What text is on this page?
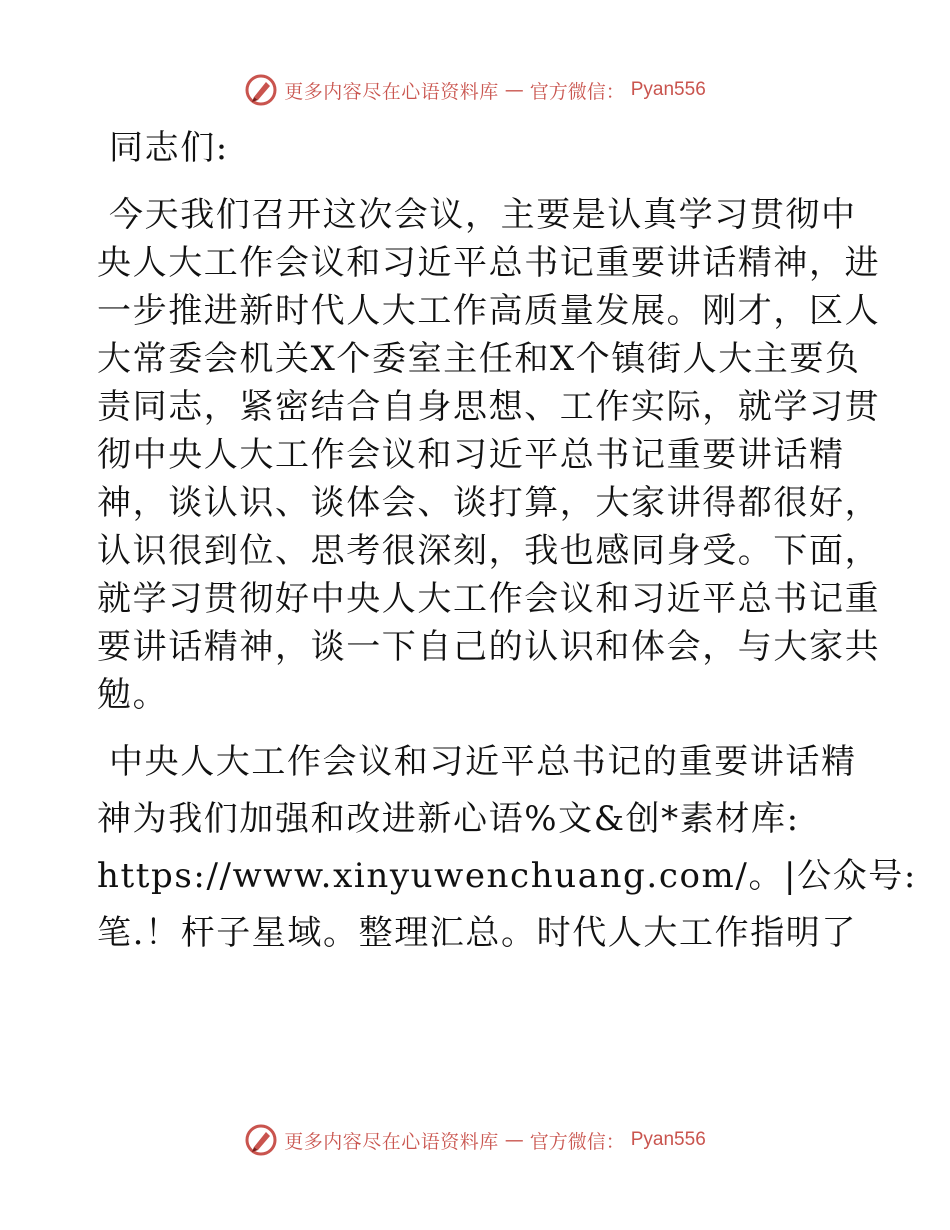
更多内容尽在心语资料库 — 官方微信： Pyan556
同志们:
今天我们召开这次会议，主要是认真学习贯彻中
央人大工作会议和习近平总书记重要讲话精神，进
一步推进新时代人大工作高质量发展。刚才，区人
大常委会机关X个委室主任和X个镇街人大主要负
责同志，紧密结合自身思想、工作实际，就学习贯
彻中央人大工作会议和习近平总书记重要讲话精
神，谈认识、谈体会、谈打算，大家讲得都很好，
认识很到位、思考很深刻，我也感同身受。下面，
就学习贯彻好中央人大工作会议和习近平总书记重
要讲话精神，谈一下自己的认识和体会，与大家共
勉。
中央人大工作会议和习近平总书记的重要讲话精
神为我们加强和改进新心语%文&创*素材库:
https://www.xinyuwenchuang.com/。|公众号:
笔.！杆子星域。整理汇总。时代人大工作指明了
更多内容尽在心语资料库 — 官方微信： Pyan556
